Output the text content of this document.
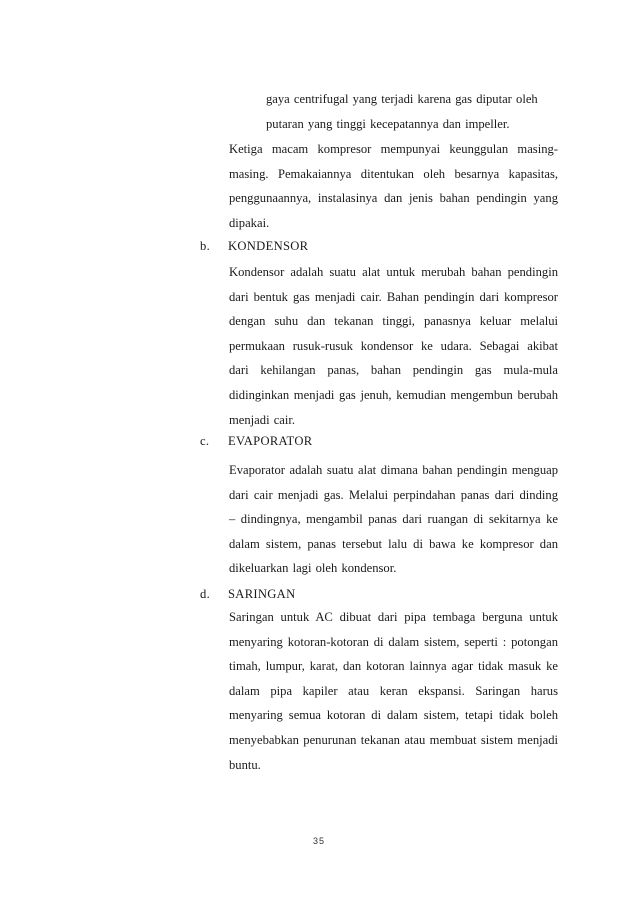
gaya centrifugal yang terjadi karena gas diputar oleh

putaran yang tinggi kecepatannya dan impeller.

Ketiga macam kompresor mempunyai keunggulan masing-masing. Pemakaiannya ditentukan oleh besarnya kapasitas, penggunaannya, instalasinya dan jenis bahan pendingin yang dipakai.

b. KONDENSOR

Kondensor adalah suatu alat untuk merubah bahan pendingin dari bentuk gas menjadi cair. Bahan pendingin dari kompresor dengan suhu dan tekanan tinggi, panasnya keluar melalui permukaan rusuk-rusuk kondensor ke udara. Sebagai akibat dari kehilangan panas, bahan pendingin gas mula-mula didinginkan menjadi gas jenuh, kemudian mengembun berubah menjadi cair.

c. EVAPORATOR

Evaporator adalah suatu alat dimana bahan pendingin menguap dari cair menjadi gas. Melalui perpindahan panas dari dinding – dindingnya, mengambil panas dari ruangan di sekitarnya ke dalam sistem, panas tersebut lalu di bawa ke kompresor dan dikeluarkan lagi oleh kondensor.

d. SARINGAN

Saringan untuk AC dibuat dari pipa tembaga berguna untuk menyaring kotoran-kotoran di dalam sistem, seperti : potongan timah, lumpur, karat, dan kotoran lainnya agar tidak masuk ke dalam pipa kapiler atau keran ekspansi. Saringan harus menyaring semua kotoran di dalam sistem, tetapi tidak boleh menyebabkan penurunan tekanan atau membuat sistem menjadi buntu.

35
